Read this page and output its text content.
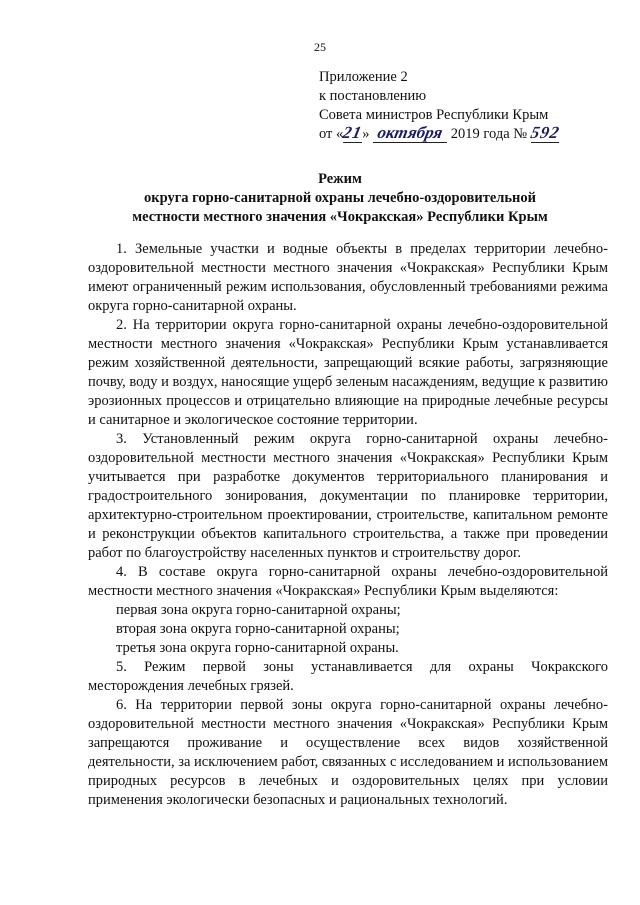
25
Приложение 2
к постановлению
Совета министров Республики Крым
от «21» октября 2019 года № 592
Режим
округа горно-санитарной охраны лечебно-оздоровительной
местности местного значения «Чокракская» Республики Крым

1. Земельные участки и водные объекты в пределах территории лечебно-оздоровительной местности местного значения «Чокракская» Республики Крым имеют ограниченный режим использования, обусловленный требованиями режима округа горно-санитарной охраны.

2. На территории округа горно-санитарной охраны лечебно-оздоровительной местности местного значения «Чокракская» Республики Крым устанавливается режим хозяйственной деятельности, запрещающий всякие работы, загрязняющие почву, воду и воздух, наносящие ущерб зеленым насаждениям, ведущие к развитию эрозионных процессов и отрицательно влияющие на природные лечебные ресурсы и санитарное и экологическое состояние территории.

3. Установленный режим округа горно-санитарной охраны лечебно-оздоровительной местности местного значения «Чокракская» Республики Крым учитывается при разработке документов территориального планирования и градостроительного зонирования, документации по планировке территории, архитектурно-строительном проектировании, строительстве, капитальном ремонте и реконструкции объектов капитального строительства, а также при проведении работ по благоустройству населенных пунктов и строительству дорог.

4. В составе округа горно-санитарной охраны лечебно-оздоровительной местности местного значения «Чокракская» Республики Крым выделяются:

первая зона округа горно-санитарной охраны;

вторая зона округа горно-санитарной охраны;

третья зона округа горно-санитарной охраны.

5. Режим первой зоны устанавливается для охраны Чокракского месторождения лечебных грязей.

6. На территории первой зоны округа горно-санитарной охраны лечебно-оздоровительной местности местного значения «Чокракская» Республики Крым запрещаются проживание и осуществление всех видов хозяйственной деятельности, за исключением работ, связанных с исследованием и использованием природных ресурсов в лечебных и оздоровительных целях при условии применения экологически безопасных и рациональных технологий.
